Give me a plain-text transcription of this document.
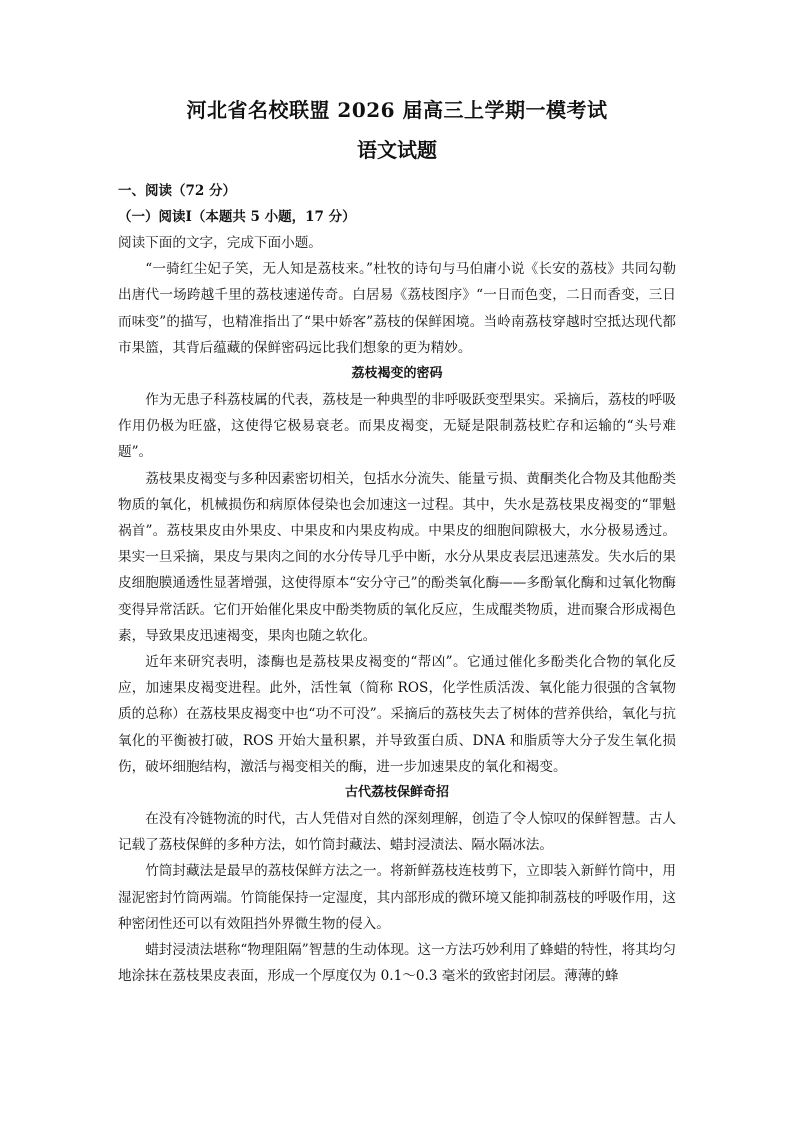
河北省名校联盟 2026 届高三上学期一模考试
语文试题

一、阅读（72 分）

（一）阅读Ⅰ（本题共 5 小题，17 分）

阅读下面的文字，完成下面小题。

“一骑红尘妃子笑，无人知是荔枝来。”杜牧的诗句与马伯庸小说《长安的荔枝》共同勾勒出唐代一场跨越千里的荔枝速递传奇。白居易《荔枝图序》“一日而色变，二日而香变，三日而味变”的描写，也精准指出了“果中娇客”荔枝的保鲜困境。当岭南荔枝穿越时空抵达现代都市果篮，其背后蕴藏的保鲜密码远比我们想象的更为精妙。

荔枝褐变的密码

作为无患子科荔枝属的代表，荔枝是一种典型的非呼吸跃变型果实。采摘后，荔枝的呼吸作用仍极为旺盛，这使得它极易衰老。而果皮褐变，无疑是限制荔枝贮存和运输的“头号难题”。

荔枝果皮褐变与多种因素密切相关，包括水分流失、能量亏损、黄酮类化合物及其他酚类物质的氧化，机械损伤和病原体侵染也会加速这一过程。其中，失水是荔枝果皮褐变的“罪魁祸首”。荔枝果皮由外果皮、中果皮和内果皮构成。中果皮的细胞间隙极大，水分极易透过。果实一旦采摘，果皮与果肉之间的水分传导几乎中断，水分从果皮表层迅速蒸发。失水后的果皮细胞膜通透性显著增强，这使得原本“安分守己”的酚类氧化酶——多酚氧化酶和过氧化物酶变得异常活跃。它们开始催化果皮中酚类物质的氧化反应，生成醌类物质，进而聚合形成褐色素，导致果皮迅速褐变，果肉也随之软化。

近年来研究表明，漆酶也是荔枝果皮褐变的“帮凶”。它通过催化多酚类化合物的氧化反应，加速果皮褐变进程。此外，活性氧（简称 ROS，化学性质活泼、氧化能力很强的含氧物质的总称）在荔枝果皮褐变中也“功不可没”。采摘后的荔枝失去了树体的营养供给，氧化与抗氧化的平衡被打破，ROS 开始大量积累，并导致蛋白质、DNA 和脂质等大分子发生氧化损伤，破坏细胞结构，激活与褐变相关的酶，进一步加速果皮的氧化和褐变。

古代荔枝保鲜奇招

在没有冷链物流的时代，古人凭借对自然的深刻理解，创造了令人惊叹的保鲜智慧。古人记载了荔枝保鲜的多种方法，如竹筒封藏法、蜡封浸渍法、隔水隔冰法。

竹筒封藏法是最早的荔枝保鲜方法之一。将新鲜荔枝连枝剪下，立即装入新鲜竹筒中，用湿泥密封竹筒两端。竹筒能保持一定湿度，其内部形成的微环境又能抑制荔枝的呼吸作用，这种密闭性还可以有效阻挡外界微生物的侵入。

蜡封浸渍法堪称“物理阻隔”智慧的生动体现。这一方法巧妙利用了蜂蜡的特性，将其均匀地涂抹在荔枝果皮表面，形成一个厚度仅为 0.1～0.3 毫米的致密封闭层。薄薄的蜂
